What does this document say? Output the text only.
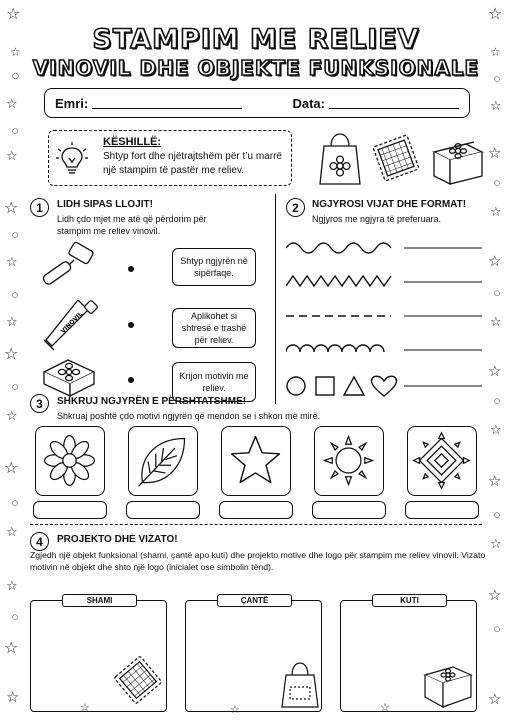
☆	☆
☆
○
☆
○
☆
☆
○
☆
○
☆
☆
○
☆
☆
○
☆
☆
○
☆
☆
☆
○
☆
☆
○
☆
☆
○
☆
☆
○
☆
☆
○
☆
☆
○
☆
☆	☆	☆
STAMPIM ME RELIEV
VINOVIL DHE OBJEKTE FUNKSIONALE
Emri:	Data:
KËSHILLË:
Shtyp fort dhe njëtrajtshëm për t’u marrë një stampim të pastër me reliev.
1	LIDH SIPAS LLOJIT!
Lidh çdo mjet me atë që përdorim për stampim me reliev vinovil.
Shtyp ngjyrën në sipërfaqe.
VINOVIL	Aplikohet si shtresë e trashë për reliev.
Krijon motivin me reliev.
2	NGJYROSI VIJAT DHE FORMAT!
Ngjyros me ngjyra të preferuara.
3	SHKRUJ NGJYRËN E PËRSHTATSHME!
Shkruaj poshtë çdo motivi ngjyrën që mendon se i shkon më mirë.
4	PROJEKTO DHE VIZATO!
Zgjedh një objekt funksional (shami, çantë apo kuti) dhe projekto motive dhe logo për stampim me reliev vinovil. Vizato motivin në objekt dhe shto një logo (inicialet ose simbolin tënd).
SHAMI	ÇANTË	KUTI
